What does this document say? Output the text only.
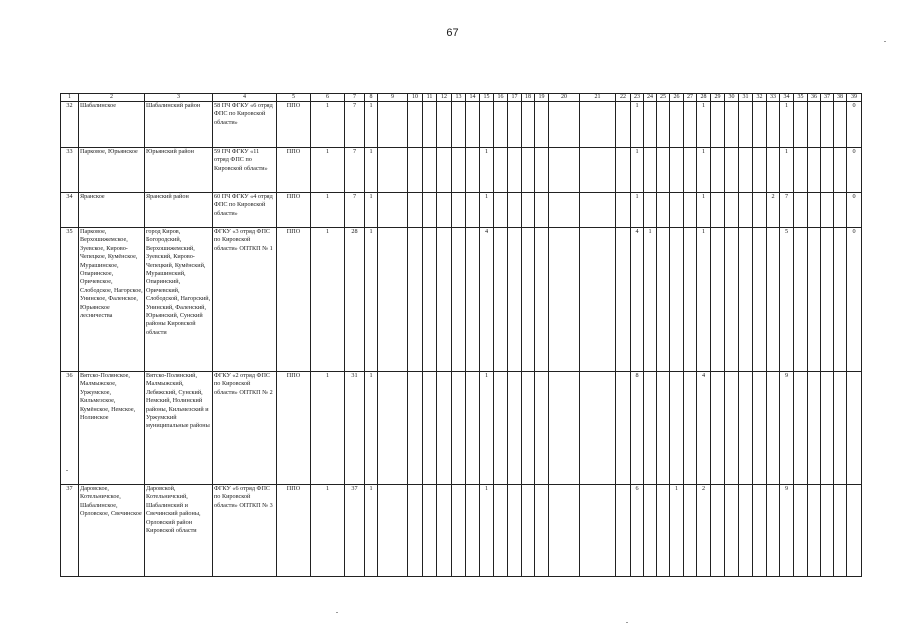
67
1	2	3	4	5	6	7	8	9	10	11	12	13	14	15	16	17	18	19	20	21	22	23	24	25	26	27	28	29	30	31	32	33	34	35	36	37	38	39
32	Шабалинское	Шабалинский район	58 ПЧ ФГКУ «6 отряд ФПС по Кировской области»	ППО	1	7	1															1					1						1					0
33	Парковое, Юрьянское	Юрьянский район	59 ПЧ ФГКУ «11 отряд ФПС по Кировской области»	ППО	1	7	1							1								1					1						1					0
34	Яранское	Яранский район	60 ПЧ ФГКУ «4 отряд ФПС по Кировской области»	ППО	1	7	1							1								1					1					2	7					0
35	Парковое, Верхошижемское, Зуевское, Кирово-Чепецкое, Кумёнское, Мурашинское, Опаринское, Оричевское, Слободское, Нагорское, Унинское, Фаленское, Юрьянское лесничества	город Киров, Богородский, Верхошижемский, Зуевский, Кирово-Чепецкий, Кумёнский, Мурашинский, Опаринский, Оричевский, Слободской, Нагорский, Унинский, Фаленский, Юрьянский, Сунский районы Кировской области	ФГКУ «3 отряд ФПС по Кировской области» ОПТКП № 1	ППО	1	28	1							4								4	1				1						5					0
36	Вятско-Полянское, Малмыжское, Уржумское, Кильмезское, Кумёнское, Немское, Нолинское	Вятско-Полянский, Малмыжский, Лебяжский, Сунский, Немский, Нолинский районы, Кильмезский и Уржумский муниципальные районы	ФГКУ «2 отряд ФПС по Кировской области» ОПТКП № 2	ППО	1	31	1							1								8					4						9					
37	Даровское, Котельничское, Шабалинское, Орловское, Свечинское	Даровской, Котельничский, Шабалинский и Свечинский районы, Орловский район Кировской области	ФГКУ «6 отряд ФПС по Кировской области» ОПТКП № 3	ППО	1	37	1							1								6			1		2						9					
